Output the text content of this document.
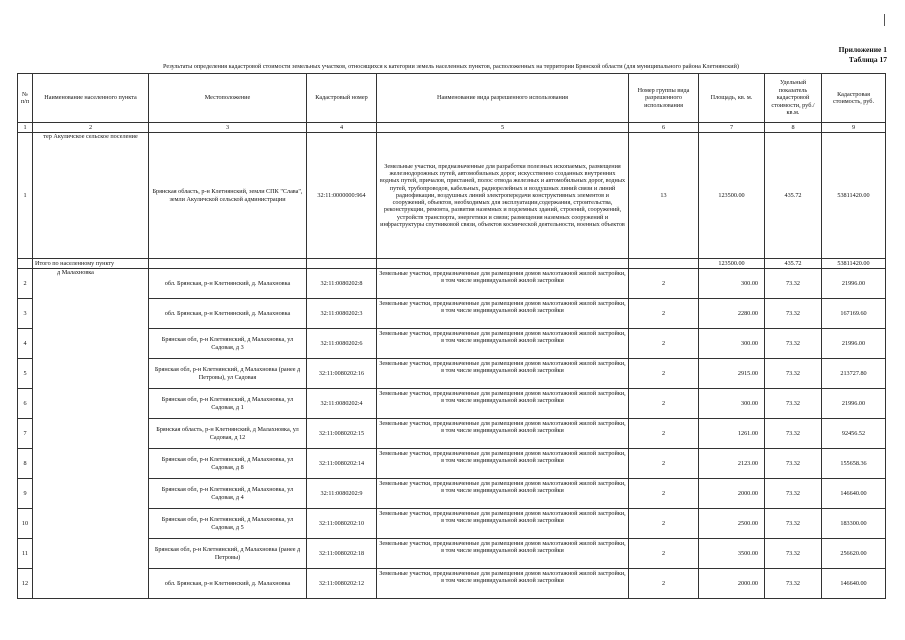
Приложение 1
Таблица 17
Результаты определения кадастровой стоимости земельных участков, относящихся к категории земель населенных пунктов, расположенных на территории Брянской области (для муниципального района Клетнянский)
№ п/п	Наименование населенного пункта	Местоположение	Кадастровый номер	Наименование вида разрешенного использования	Номер группы вида разрешенного использования	Площадь, кв. м.	Удельный показатель кадастровой стоимости, руб./кв.м.	Кадастровая стоимость, руб.
1	2	3	4	5	6	7	8	9
1	тер Акуличское сельское поселение	Брянская область, р-н Клетнянский, земли СПК "Слава", земли Акуличской сельской администрации	32:11:0000000:964	Земельные участки, предназначенные для разработки полезных ископаемых, размещения железнодорожных путей, автомобильных дорог, искусственно созданных внутренних водных путей, причалов, пристаней, полос отвода железных и автомобильных дорог, водных путей, трубопроводов, кабельных, радиорелейных и воздушных линий связи и линий радиофикации, воздушных линий электропередачи конструктивных элементов и сооружений, объектов, необходимых для эксплуатации,содержания, строительства, реконструкции, ремонта, развития наземных и подземных зданий, строений, сооружений, устройств транспорта, энергетики и связи; размещения наземных сооружений и инфраструктуры спутниковой связи, объектов космической деятельности, военных объектов	13	123500.00	435.72	53811420.00
	Итого по населенному пункту					123500.00	435.72	53811420.00
2	д Малахновка	обл. Брянская, р-н Клетнянский, д. Малахновка	32:11:0080202:8	Земельные участки, предназначенные для размещения домов малоэтажной жилой застройки, в том числе индивидуальной жилой застройки	2	300.00	73.32	21996.00
3		обл. Брянская, р-н Клетнянский, д. Малахновка	32:11:0080202:3	Земельные участки, предназначенные для размещения домов малоэтажной жилой застройки, в том числе индивидуальной жилой застройки	2	2280.00	73.32	167169.60
4		Брянская обл, р-н Клетнянский, д Малахновка, ул Садовая, д 3	32:11:0080202:6	Земельные участки, предназначенные для размещения домов малоэтажной жилой застройки, в том числе индивидуальной жилой застройки	2	300.00	73.32	21996.00
5		Брянская обл, р-н Клетнянский, д Малахновка (ранее д Петровы), ул Садовая	32:11:0080202:16	Земельные участки, предназначенные для размещения домов малоэтажной жилой застройки, в том числе индивидуальной жилой застройки	2	2915.00	73.32	213727.80
6		Брянская обл, р-н Клетнянский, д Малахновка, ул Садовая, д 1	32:11:0080202:4	Земельные участки, предназначенные для размещения домов малоэтажной жилой застройки, в том числе индивидуальной жилой застройки	2	300.00	73.32	21996.00
7		Брянская область, р-н Клетнянский, д Малахновка, ул Садовая, д 12	32:11:0080202:15	Земельные участки, предназначенные для размещения домов малоэтажной жилой застройки, в том числе индивидуальной жилой застройки	2	1261.00	73.32	92456.52
8		Брянская обл, р-н Клетнянский, д Малахновка, ул Садовая, д 8	32:11:0080202:14	Земельные участки, предназначенные для размещения домов малоэтажной жилой застройки, в том числе индивидуальной жилой застройки	2	2123.00	73.32	155658.36
9		Брянская обл, р-н Клетнянский, д Малахновка, ул Садовая, д 4	32:11:0080202:9	Земельные участки, предназначенные для размещения домов малоэтажной жилой застройки, в том числе индивидуальной жилой застройки	2	2000.00	73.32	146640.00
10		Брянская обл, р-н Клетнянский, д Малахновка, ул Садовая, д 5	32:11:0080202:10	Земельные участки, предназначенные для размещения домов малоэтажной жилой застройки, в том числе индивидуальной жилой застройки	2	2500.00	73.32	183300.00
11		Брянская обл, р-н Клетнянский, д Малахновка (ранее д Петровы)	32:11:0080202:18	Земельные участки, предназначенные для размещения домов малоэтажной жилой застройки, в том числе индивидуальной жилой застройки	2	3500.00	73.32	256620.00
12		обл. Брянская, р-н Клетнянский, д. Малахновка	32:11:0080202:12	Земельные участки, предназначенные для размещения домов малоэтажной жилой застройки, в том числе индивидуальной жилой застройки	2	2000.00	73.32	146640.00
